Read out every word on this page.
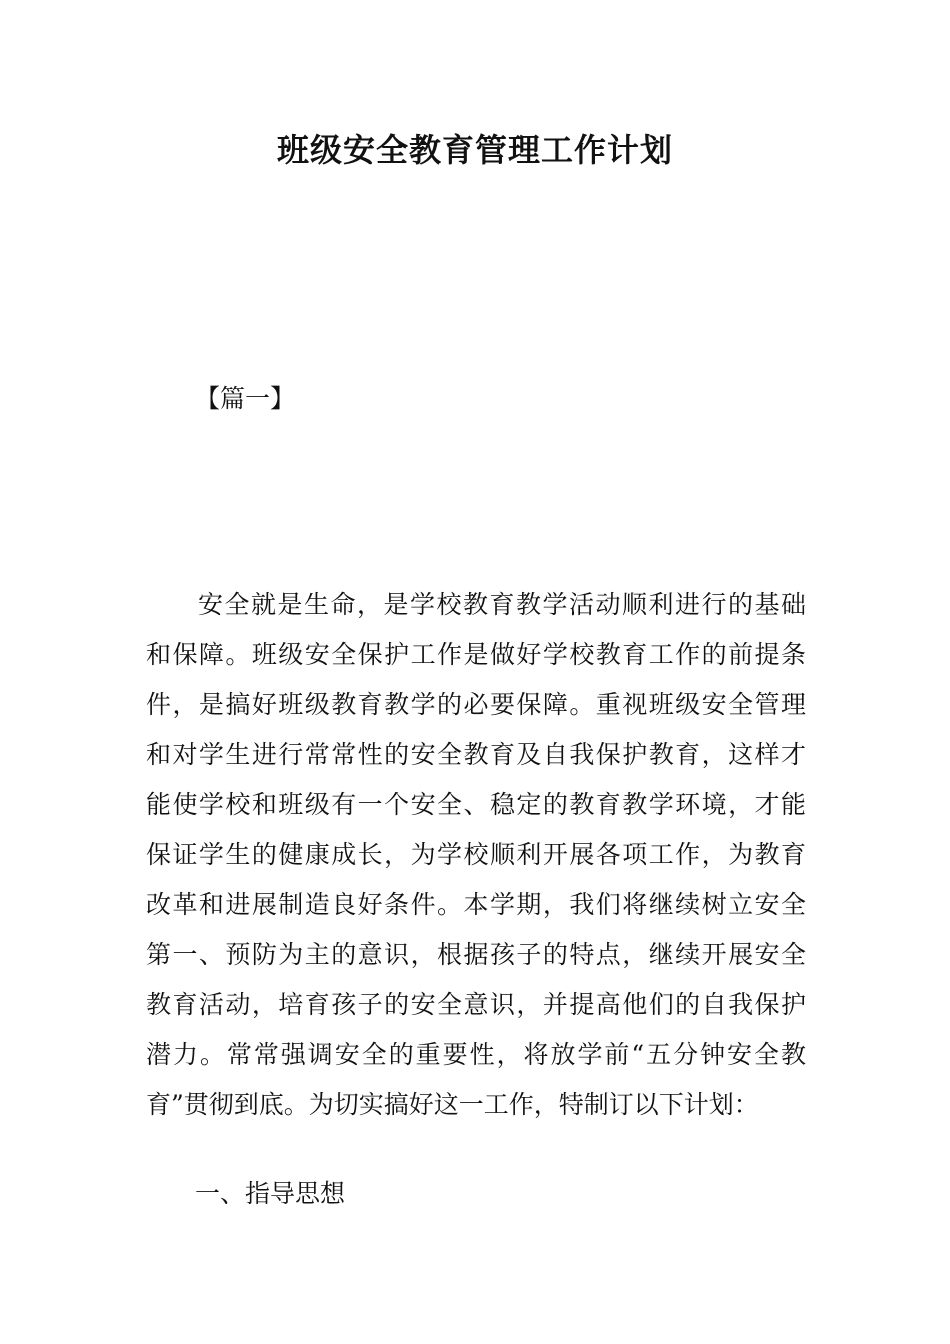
班级安全教育管理工作计划
【篇一】
安全就是生命，是学校教育教学活动顺利进行的基础
和保障。班级安全保护工作是做好学校教育工作的前提条
件，是搞好班级教育教学的必要保障。重视班级安全管理
和对学生进行常常性的安全教育及自我保护教育，这样才
能使学校和班级有一个安全、稳定的教育教学环境，才能
保证学生的健康成长，为学校顺利开展各项工作，为教育
改革和进展制造良好条件。本学期，我们将继续树立安全
第一、预防为主的意识，根据孩子的特点，继续开展安全
教育活动，培育孩子的安全意识，并提高他们的自我保护
潜力。常常强调安全的重要性，将放学前“五分钟安全教
育”贯彻到底。为切实搞好这一工作，特制订以下计划：
一、指导思想
